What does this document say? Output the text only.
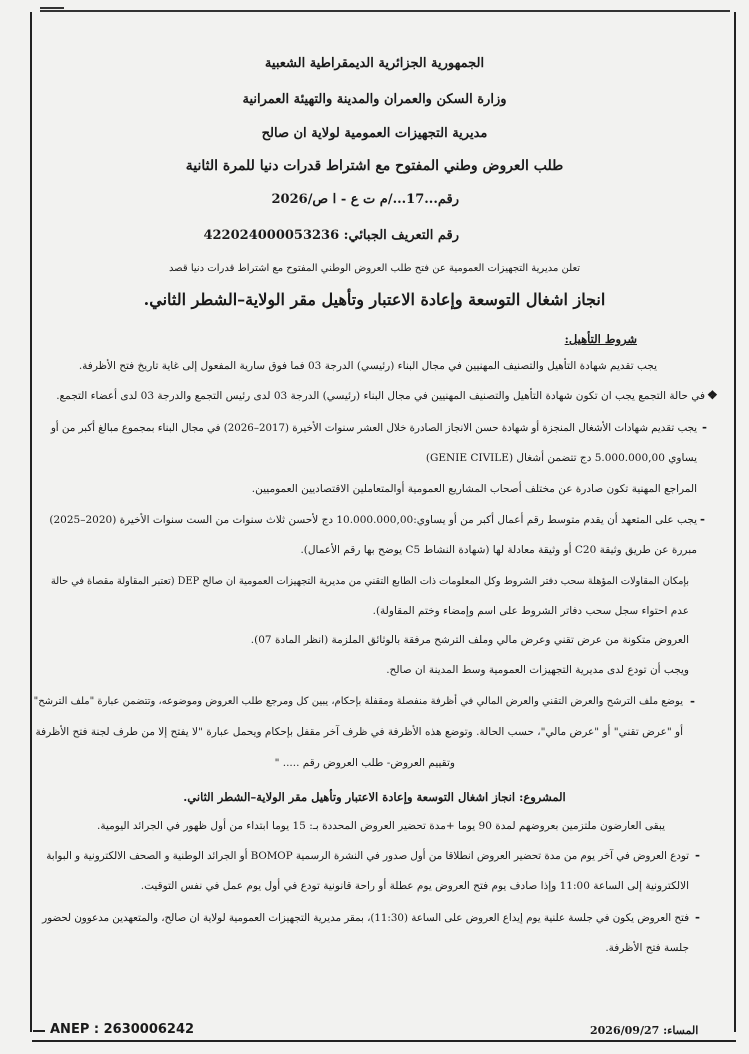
الجمهورية الجزائرية الديمقراطية الشعبية
وزارة السكن والعمران والمدينة والتهيئة العمرانية
مديرية التجهيزات العمومية لولاية ان صالح
طلب العروض وطني المفتوح مع اشتراط قدرات دنيا للمرة الثانية
رقم...17.../م ت ع - ا ص/2026
رقم التعريف الجبائي: 422024000053236
تعلن مديرية التجهيزات العمومية عن فتح طلب العروض الوطني المفتوح مع اشتراط قدرات دنيا قصد
انجاز اشغال التوسعة وإعادة الاعتبار وتأهيل مقر الولاية–الشطر الثاني.
شروط التأهيل:
يجب تقديم شهادة التأهيل والتصنيف المهنيين في مجال البناء (رئيسي) الدرجة 03 فما فوق سارية المفعول إلى غاية تاريخ فتح الأظرفة.
❖
في حالة التجمع يجب ان تكون شهادة التأهيل والتصنيف المهنيين في مجال البناء (رئيسي) الدرجة 03 لدى رئيس التجمع والدرجة 03 لدى أعضاء التجمع.
-
يجب تقديم شهادات الأشغال المنجزة أو شهادة حسن الانجاز الصادرة خلال العشر سنوات الأخيرة (2017–2026) في مجال البناء بمجموع مبالغ أكبر من أو
يساوي 5.000.000,00 دج تتضمن أشغال (GENIE CIVILE)
المراجع المهنية تكون صادرة عن مختلف أصحاب المشاريع العمومية أوالمتعاملين الاقتصاديين العموميين.
-
يجب على المتعهد أن يقدم متوسط رقم أعمال أكبر من أو يساوي:10.000.000,00 دج لأحسن ثلاث سنوات من الست سنوات الأخيرة (2020–2025)
مبررة عن طريق وثيقة C20 أو وثيقة معادلة لها (شهادة النشاط C5 يوضح بها رقم الأعمال).
بإمكان المقاولات المؤهلة سحب دفتر الشروط وكل المعلومات ذات الطابع التقني من مديرية التجهيزات العمومية ان صالح DEP (تعتبر المقاولة مقصاة في حالة
عدم احتواء سجل سحب دفاتر الشروط على اسم وإمضاء وختم المقاولة).
العروض متكونة من عرض تقني وعرض مالي وملف الترشح مرفقة بالوثائق الملزمة (انظر المادة 07).
ويجب أن تودع لدى مديرية التجهيزات العمومية وسط المدينة ان صالح.
-
يوضع ملف الترشح والعرض التقني والعرض المالي في أظرفة منفصلة ومقفلة بإحكام، يبين كل ومرجع طلب العروض وموضوعه، وتتضمن عبارة "ملف الترشح"
أو "عرض تقني" أو "عرض مالي"، حسب الحالة. وتوضع هذه الأظرفة في ظرف آخر مقفل بإحكام ويحمل عبارة "لا يفتح إلا من طرف لجنة فتح الأظرفة
وتقييم العروض- طلب العروض رقم ..... "
المشروع: انجاز اشغال التوسعة وإعادة الاعتبار وتأهيل مقر الولاية–الشطر الثاني.
يبقى العارضون ملتزمين بعروضهم لمدة 90 يوما +مدة تحضير العروض المحددة بـ: 15 يوما ابتداء من أول ظهور في الجرائد اليومية.
-
تودع العروض في آخر يوم من مدة تحضير العروض انطلاقا من أول صدور في النشرة الرسمية BOMOP أو الجرائد الوطنية و الصحف الالكترونية و البوابة
الالكترونية إلى الساعة 11:00 وإذا صادف يوم فتح العروض يوم عطلة أو راحة قانونية تودع في أول يوم عمل في نفس التوقيت.
-
فتح العروض يكون في جلسة علنية يوم إيداع العروض على الساعة (11:30)، بمقر مديرية التجهيزات العمومية لولاية ان صالح، والمتعهدين مدعوون لحضور
جلسة فتح الأظرفة.
ANEP : 2630006242	المساء: 2026/09/27
